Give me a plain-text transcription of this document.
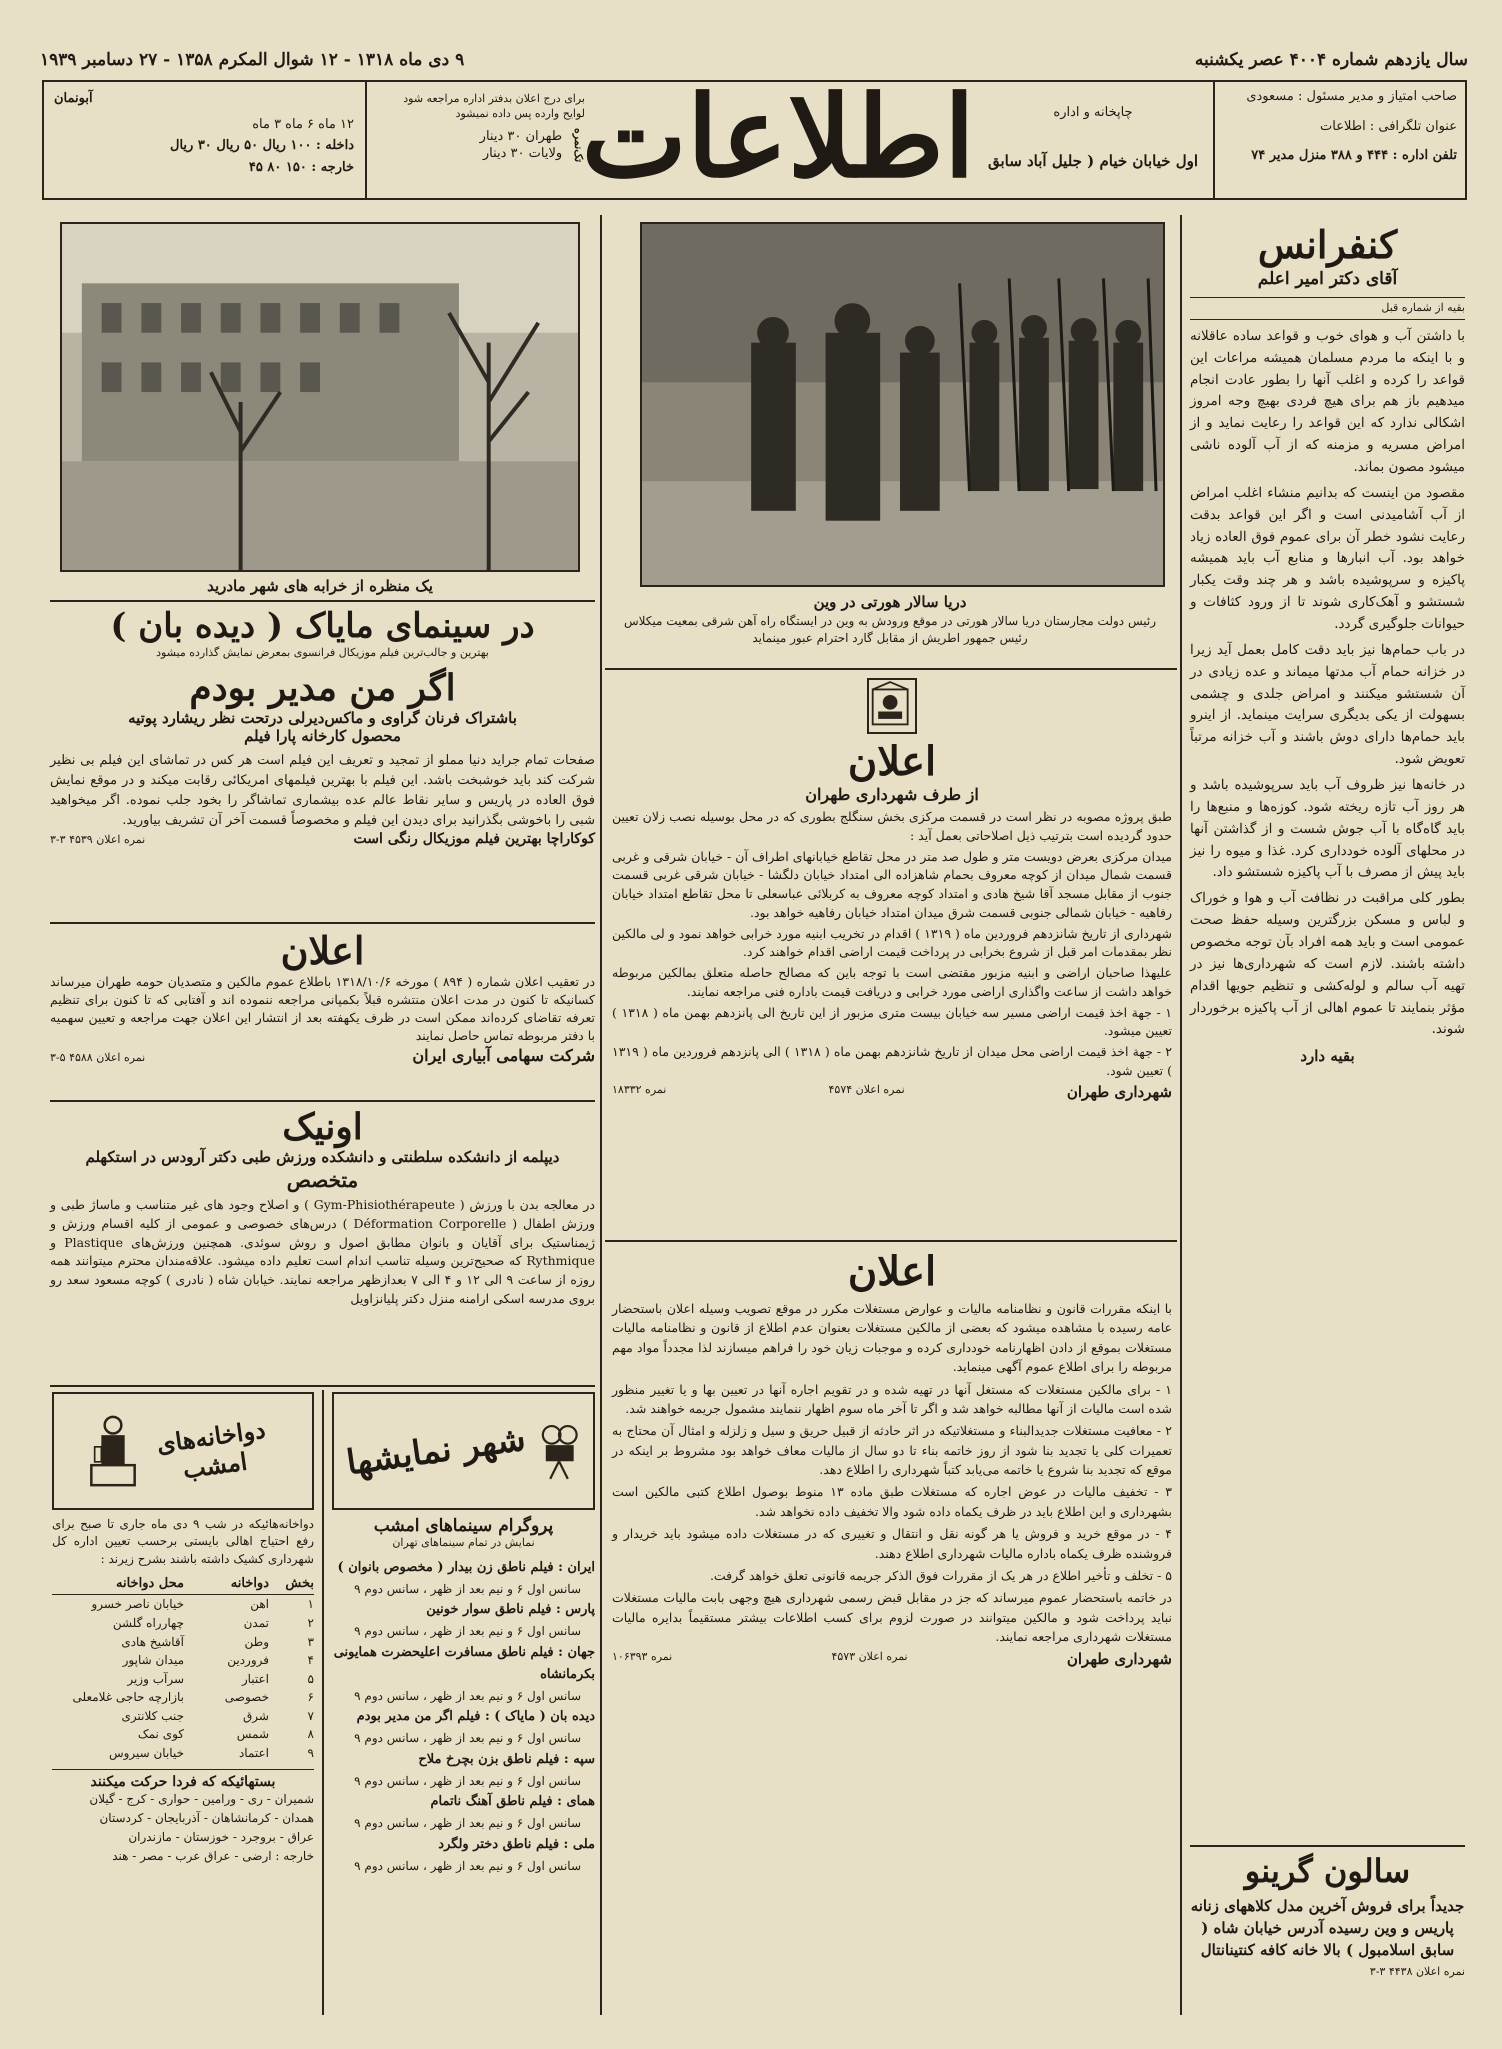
سال یازدهم شماره ۴۰۰۴ عصر یکشنبه
۹ دی ماه ۱۳۱۸ - ۱۲ شوال المکرم ۱۳۵۸ - ۲۷ دسامبر ۱۹۳۹
صاحب امتیاز و مدیر مسئول : مسعودی
عنوان تلگرافی : اطلاعات
تلفن اداره : ۴۴۴ و ۳۸۸ منزل مدیر ۷۴
چاپخانه و اداره
اول خیابان خیام ( جلیل آباد سابق
اطلاعات
برای درج اعلان بدفتر اداره مراجعه شود
لوایح وارده پس داده نمیشود
تک‌نمره
طهران ۳۰ دینار
ولایات ۳۰ دینار
آبونمان
۱۲ ماه ۶ ماه ۳ ماه
داخله : ۱۰۰ ریال ۵۰ ریال ۳۰ ریال
خارجه : ۱۵۰ ۸۰ ۴۵
کنفرانس
آقای دکتر امیر اعلم
بقیه از شماره قبل
با داشتن آب و هوای خوب و قواعد ساده عاقلانه و با اینکه ما مردم مسلمان همیشه مراعات این قواعد را کرده و اغلب آنها را بطور عادت انجام میدهیم باز هم برای هیچ فردی بهیچ وجه امروز اشکالی ندارد که این قواعد را رعایت نماید و از امراض مسریه و مزمنه که از آب آلوده ناشی میشود مصون بماند.
مقصود من اینست که بدانیم منشاء اغلب امراض از آب آشامیدنی است و اگر این قواعد بدقت رعایت نشود خطر آن برای عموم فوق العاده زیاد خواهد بود. آب انبارها و منابع آب باید همیشه پاکیزه و سرپوشیده باشد و هر چند وقت یکبار شستشو و آهک‌کاری شوند تا از ورود کثافات و حیوانات جلوگیری گردد.
در باب حمام‌ها نیز باید دقت کامل بعمل آید زیرا در خزانه حمام آب مدتها میماند و عده زیادی در آن شستشو میکنند و امراض جلدی و چشمی بسهولت از یکی بدیگری سرایت مینماید. از اینرو باید حمام‌ها دارای دوش باشند و آب خزانه مرتباً تعویض شود.
در خانه‌ها نیز ظروف آب باید سرپوشیده باشد و هر روز آب تازه ریخته شود. کوزه‌ها و منبع‌ها را باید گاه‌گاه با آب جوش شست و از گذاشتن آنها در محلهای آلوده خودداری کرد. غذا و میوه را نیز باید پیش از مصرف با آب پاکیزه شستشو داد.
بطور کلی مراقبت در نظافت آب و هوا و خوراک و لباس و مسکن بزرگترین وسیله حفظ صحت عمومی است و باید همه افراد بآن توجه مخصوص داشته باشند. لازم است که شهرداری‌ها نیز در تهیه آب سالم و لوله‌کشی و تنظیم جویها اقدام مؤثر بنمایند تا عموم اهالی از آب پاکیزه برخوردار شوند.
بقیه دارد
سالون گرینو
جدیداً برای فروش آخرین مدل کلاههای زنانه پاریس و وین رسیده آدرس خیابان شاه ( سابق اسلامبول ) بالا خانه کافه کنتینانتال
نمره اعلان ۴۴۳۸ ۳-۳
دریا سالار هورتی در وین
رئیس دولت مجارستان دریا سالار هورتی در موقع ورودش به وین در ایستگاه راه آهن شرقی بمعیت میکلاس رئیس جمهور اطریش از مقابل گارد احترام عبور مینماید
اعلان
از طرف شهرداری طهران
طبق پروژه مصوبه در نظر است در قسمت مرکزی بخش سنگلج بطوری که در محل بوسیله نصب زلان تعیین حدود گردیده است بترتیب ذیل اصلاحاتی بعمل آید :
میدان مرکزی بعرض دویست متر و طول صد متر در محل تقاطع خیابانهای اطراف آن - خیابان شرقی و غربی قسمت شمال میدان از کوچه معروف بحمام شاهزاده الی امتداد خیابان دلگشا - خیابان شرقی غربی قسمت جنوب از مقابل مسجد آقا شیخ هادی و امتداد کوچه معروف به کربلائی عباسعلی تا محل تقاطع امتداد خیابان رفاهیه - خیابان شمالی جنوبی قسمت شرق میدان امتداد خیابان رفاهیه خواهد بود.
شهرداری از تاریخ شانزدهم فروردین ماه ( ۱۳۱۹ ) اقدام در تخریب ابنیه مورد خرابی خواهد نمود و لی مالکین نظر بمقدمات امر قبل از شروع بخرابی در پرداخت قیمت اراضی اقدام خواهند کرد.
علیهذا صاحبان اراضی و ابنیه مزبور مقتضی است با توجه باین که مصالح حاصله متعلق بمالکین مربوطه خواهد داشت از ساعت واگذاری اراضی مورد خرابی و دریافت قیمت باداره فنی مراجعه نمایند.
۱ - جهة اخذ قیمت اراضی مسیر سه خیابان بیست متری مزبور از این تاریخ الی پانزدهم بهمن ماه ( ۱۳۱۸ ) تعیین میشود.
۲ - جهة اخذ قیمت اراضی محل میدان از تاریخ شانزدهم بهمن ماه ( ۱۳۱۸ ) الی پانزدهم فروردین ماه ( ۱۳۱۹ ) تعیین شود.
شهرداری طهران
نمره اعلان ۴۵۷۴
نمره ۱۸۳۳۲
اعلان
با اینکه مقررات قانون و نظامنامه مالیات و عوارض مستغلات مکرر در موقع تصویب وسیله اعلان باستحضار عامه رسیده با مشاهده میشود که بعضی از مالکین مستغلات بعنوان عدم اطلاع از قانون و نظامنامه مالیات مستغلات بموقع از دادن اظهارنامه خودداری کرده و موجبات زیان خود را فراهم میسازند لذا مجدداً مواد مهم مربوطه را برای اطلاع عموم آگهی مینماید.
۱ - برای مالکین مستغلات که مستغل آنها در تهیه شده و در تقویم اجاره آنها در تعیین بها و یا تغییر منظور شده است مالیات از آنها مطالبه خواهد شد و اگر تا آخر ماه سوم اظهار ننمایند مشمول جریمه خواهند شد.
۲ - معافیت مستغلات جدیدالبناء و مستغلاتیکه در اثر حادثه از قبیل حریق و سیل و زلزله و امثال آن محتاج به تعمیرات کلی یا تجدید بنا شود از روز خاتمه بناء تا دو سال از مالیات معاف خواهد بود مشروط بر اینکه در موقع که تجدید بنا شروع یا خاتمه می‌یابد کتباً شهرداری را اطلاع دهد.
۳ - تخفیف مالیات در عوض اجاره که مستغلات طبق ماده ۱۳ منوط بوصول اطلاع کتبی مالکین است بشهرداری و این اطلاع باید در ظرف یکماه داده شود والا تخفیف داده نخواهد شد.
۴ - در موقع خرید و فروش یا هر گونه نقل و انتقال و تغییری که در مستغلات داده میشود باید خریدار و فروشنده ظرف یکماه باداره مالیات شهرداری اطلاع دهند.
۵ - تخلف و تأخیر اطلاع در هر یک از مقررات فوق الذکر جریمه قانونی تعلق خواهد گرفت.
در خاتمه باستحضار عموم میرساند که جز در مقابل قبض رسمی شهرداری هیچ وجهی بابت مالیات مستغلات نباید پرداخت شود و مالکین میتوانند در صورت لزوم برای کسب اطلاعات بیشتر مستقیماً بدایره مالیات مستغلات شهرداری مراجعه نمایند.
شهرداری طهران
نمره اعلان ۴۵۷۳
نمره ۱۰۶۳۹۳
یک منظره از خرابه های شهر مادرید
در سینمای مایاک ( دیده بان )
بهترین و جالب‌ترین فیلم موزیکال فرانسوی بمعرض نمایش گذارده میشود
اگر من مدیر بودم
باشتراک فرنان گراوی و ماکس‌دیرلی درتحت نظر ریشارد پوتیه
محصول کارخانه پارا فیلم
صفحات تمام جراید دنیا مملو از تمجید و تعریف این فیلم است هر کس در تماشای این فیلم بی نظیر شرکت کند باید خوشبخت باشد. این فیلم با بهترین فیلمهای امریکائی رقابت میکند و در موقع نمایش فوق العاده در پاریس و سایر نقاط عالم عده بیشماری تماشاگر را بخود جلب نموده. اگر میخواهید شبی را باخوشی بگذرانید برای دیدن این فیلم و مخصوصاً قسمت آخر آن تشریف بیاورید.
کوکاراچا بهترین فیلم موزیکال رنگی است
نمره اعلان ۴۵۳۹ ۳-۳
اعلان
در تعقیب اعلان شماره ( ۸۹۴ ) مورخه ۱۳۱۸/۱۰/۶ باطلاع عموم مالکین و متصدیان حومه طهران میرساند کسانیکه تا کنون در مدت اعلان منتشره قبلاً بکمپانی مراجعه ننموده اند و آفتابی که تا کنون برای تنظیم تعرفه تقاضای کرده‌اند ممکن است در ظرف یکهفته بعد از انتشار این اعلان جهت مراجعه و تعیین سهمیه با دفتر مربوطه تماس حاصل نمایند
شرکت سهامی آبیاری ایران
نمره اعلان ۴۵۸۸ ۵-۳
اونیک
دیپلمه از دانشکده سلطنتی و دانشکده ورزش طبی دکتر آرودس در استکهلم
متخصص
در معالجه بدن با ورزش ( Gym-Phisiothérapeute ) و اصلاح وجود های غیر متناسب و ماساژ طبی و ورزش اطفال ( Déformation Corporelle ) درس‌های خصوصی و عمومی از کلیه اقسام ورزش و ژیمناستیک برای آقایان و بانوان مطابق اصول و روش سوئدی. همچنین ورزش‌های Plastique و Rythmique که صحیح‌ترین وسیله تناسب اندام است تعلیم داده میشود. علاقه‌مندان محترم میتوانند همه روزه از ساعت ۹ الی ۱۲ و ۴ الی ۷ بعدازظهر مراجعه نمایند. خیابان شاه ( نادری ) کوچه مسعود سعد رو بروی مدرسه اسکی ارامنه منزل دکتر پلیانزاویل
شهر نمایشها
پروگرام سینماهای امشب
نمایش در تمام سینماهای تهران
ایران : فیلم ناطق زن بیدار ( مخصوص بانوان )
سانس اول ۶ و نیم بعد از ظهر ، سانس دوم ۹
پارس : فیلم ناطق سوار خونین
سانس اول ۶ و نیم بعد از ظهر ، سانس دوم ۹
جهان : فیلم ناطق مسافرت اعلیحضرت همایونی بکرمانشاه
سانس اول ۶ و نیم بعد از ظهر ، سانس دوم ۹
دیده بان ( مایاک ) : فیلم اگر من مدیر بودم
سانس اول ۶ و نیم بعد از ظهر ، سانس دوم ۹
سپه : فیلم ناطق بزن بچرخ ملاح
سانس اول ۶ و نیم بعد از ظهر ، سانس دوم ۹
همای : فیلم ناطق آهنگ ناتمام
سانس اول ۶ و نیم بعد از ظهر ، سانس دوم ۹
ملی : فیلم ناطق دختر ولگرد
سانس اول ۶ و نیم بعد از ظهر ، سانس دوم ۹
دواخانه‌های امشب
دواخانه‌هائیکه در شب ۹ دی ماه جاری تا صبح برای رفع احتیاج اهالی بایستی برحسب تعیین اداره کل شهرداری کشیک داشته باشند بشرح زیرند :
بخش
دواخانه
محل دواخانه
۱
اهن
خیابان ناصر خسرو
۲
تمدن
چهارراه گلشن
۳
وطن
آقاشیخ هادی
۴
فروردین
میدان شاپور
۵
اعتبار
سرآب وزیر
۶
خصوصی
بازارچه حاجی غلامعلی
۷
شرق
جنب کلانتری
۸
شمس
کوی نمک
۹
اعتماد
خیابان سیروس
بستهائیکه که فردا حرکت میکنند
شمیران - ری - ورامین - حواری - کرج - گیلان
همدان - کرمانشاهان - آذربایجان - کردستان
عراق - بروجرد - خوزستان - مازندران
خارجه : ارضی - عراق عرب - مصر - هند
